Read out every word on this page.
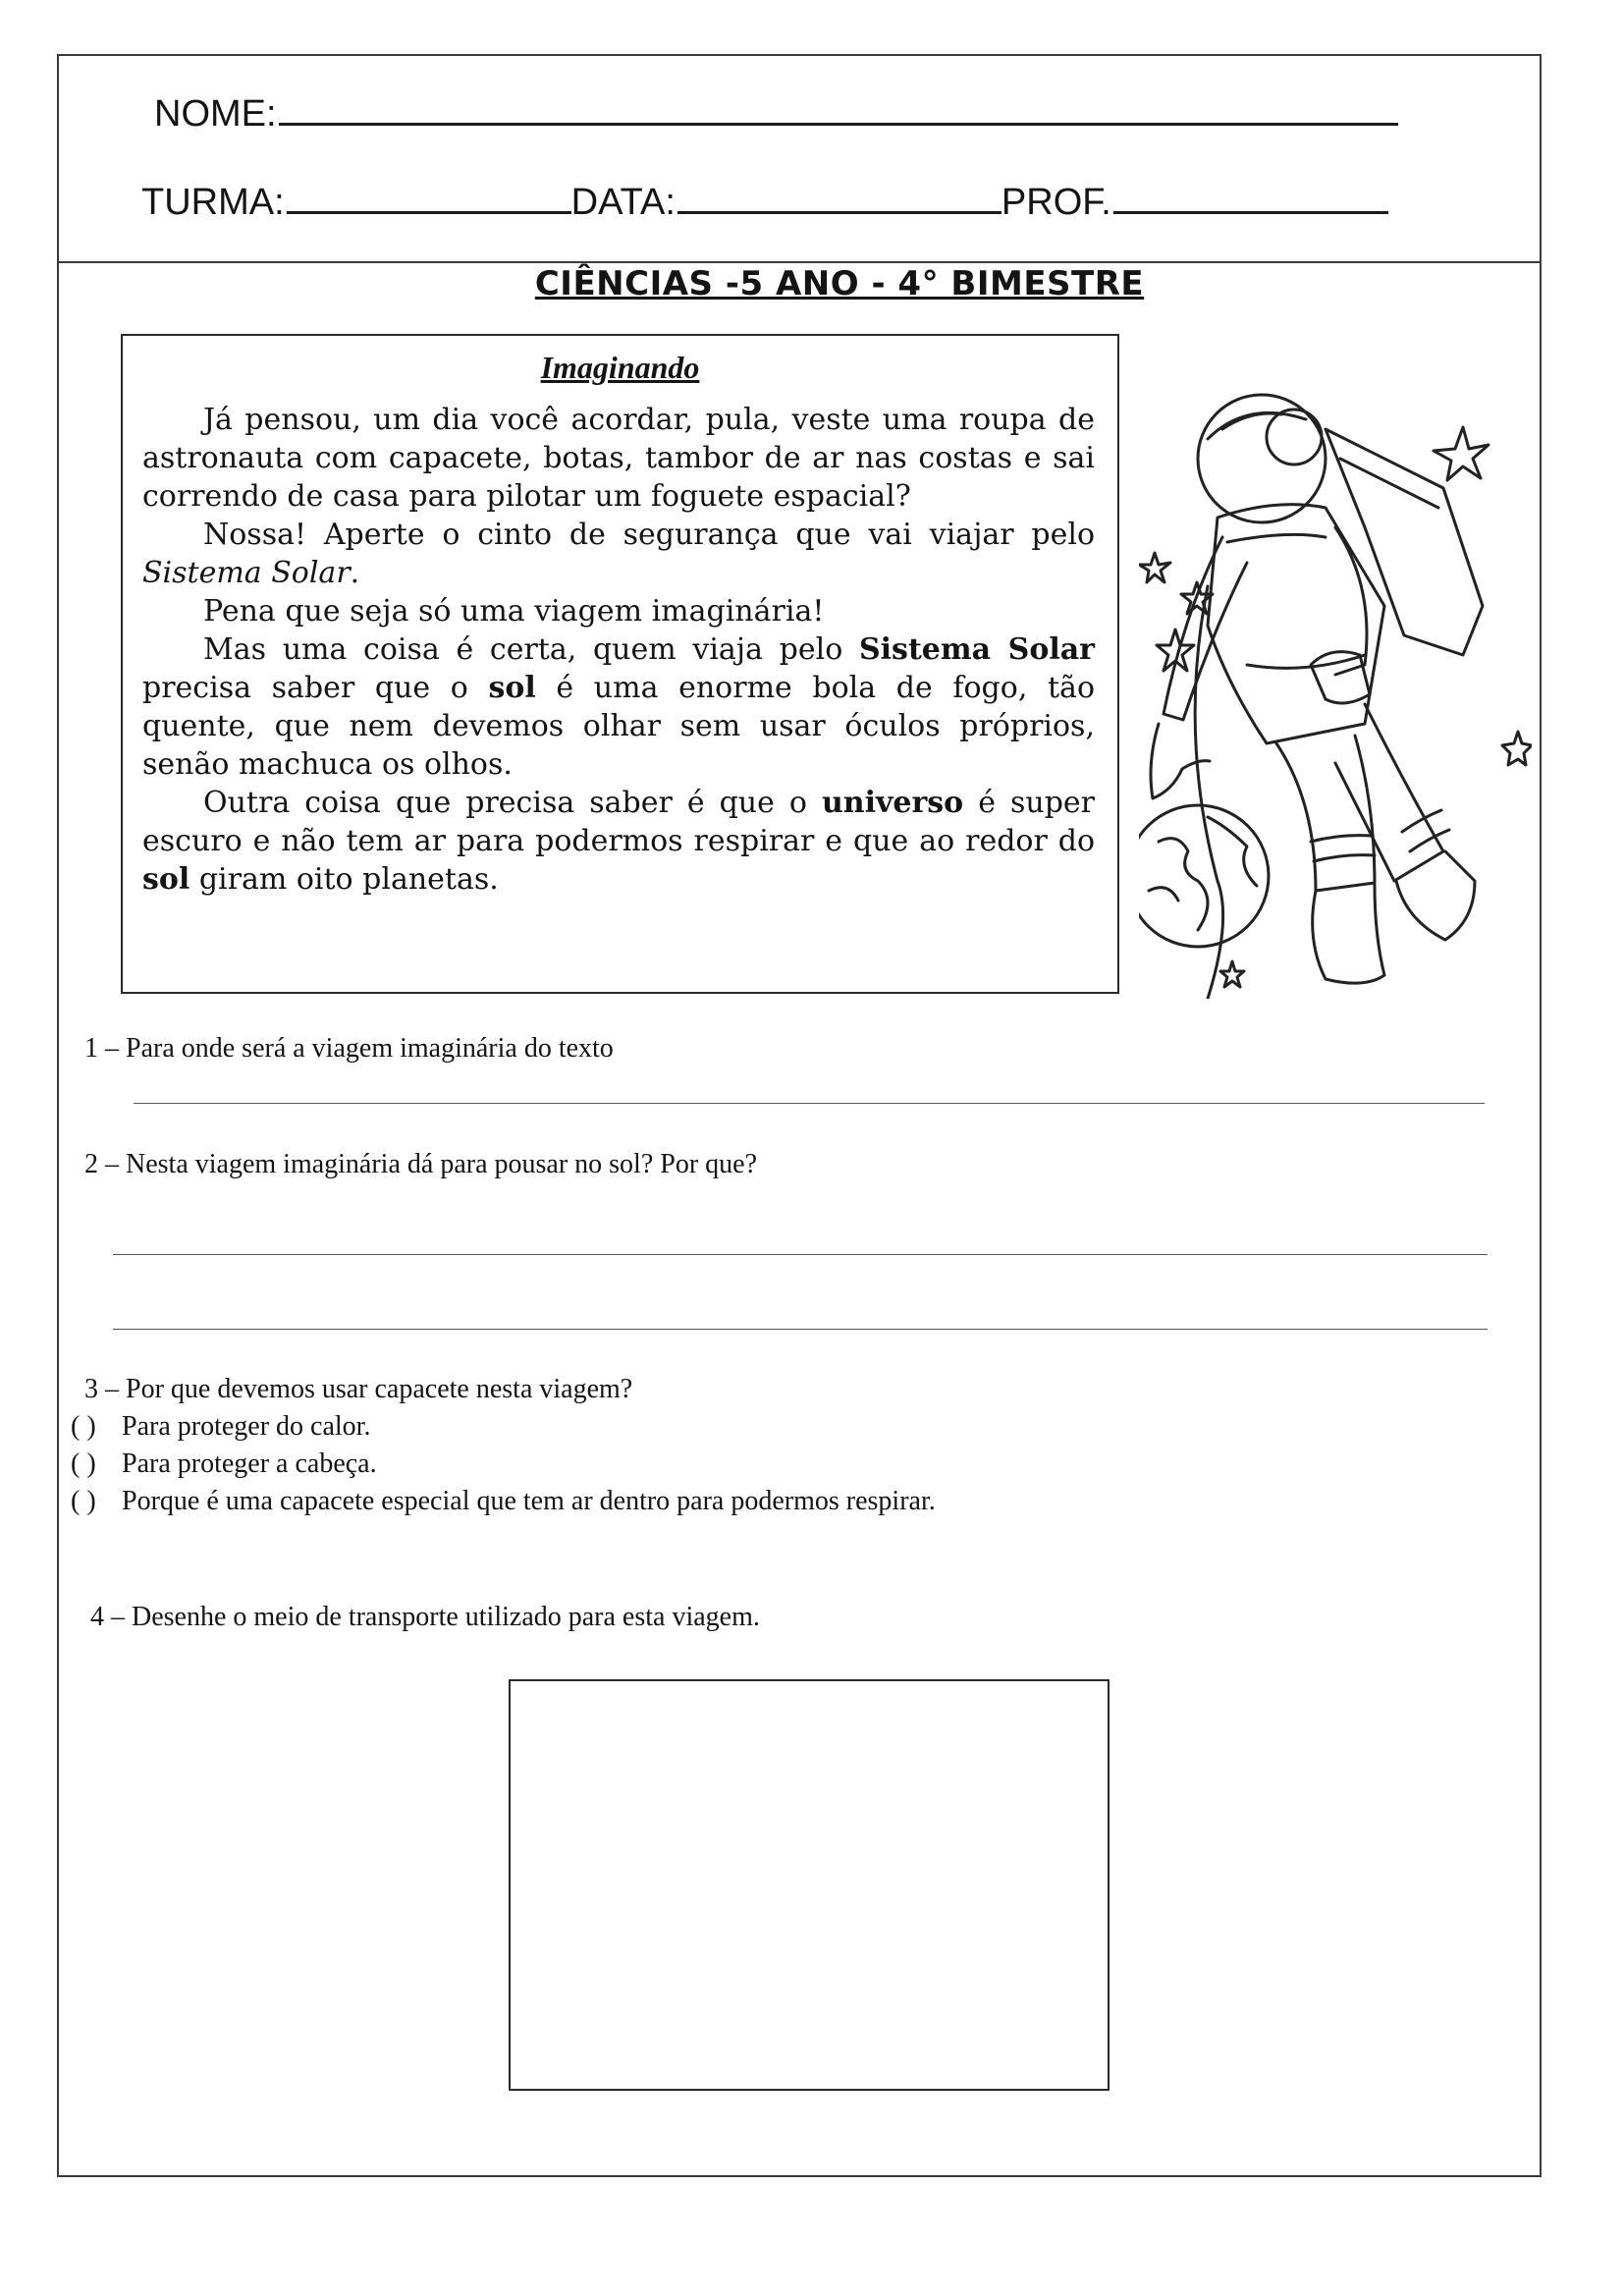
NOME:
TURMA:	DATA:	PROF.
CIÊNCIAS -5 ANO - 4° BIMESTRE
Imaginando

Já pensou, um dia você acordar, pula, veste uma roupa de astronauta com capacete, botas, tambor de ar nas costas e sai correndo de casa para pilotar um foguete espacial?

Nossa! Aperte o cinto de segurança que vai viajar pelo Sistema Solar.

Pena que seja só uma viagem imaginária!

Mas uma coisa é certa, quem viaja pelo Sistema Solar precisa saber que o sol é uma enorme bola de fogo, tão quente, que nem devemos olhar sem usar óculos próprios, senão machuca os olhos.

Outra coisa que precisa saber é que o universo é super escuro e não tem ar para podermos respirar e que ao redor do sol giram oito planetas.

1 – Para onde será a viagem imaginária do texto
2 – Nesta viagem imaginária dá para pousar no sol? Por que?
3 – Por que devemos usar capacete nesta viagem?
( ) Para proteger do calor.
( ) Para proteger a cabeça.
( ) Porque é uma capacete especial que tem ar dentro para podermos respirar.
4 – Desenhe o meio de transporte utilizado para esta viagem.
